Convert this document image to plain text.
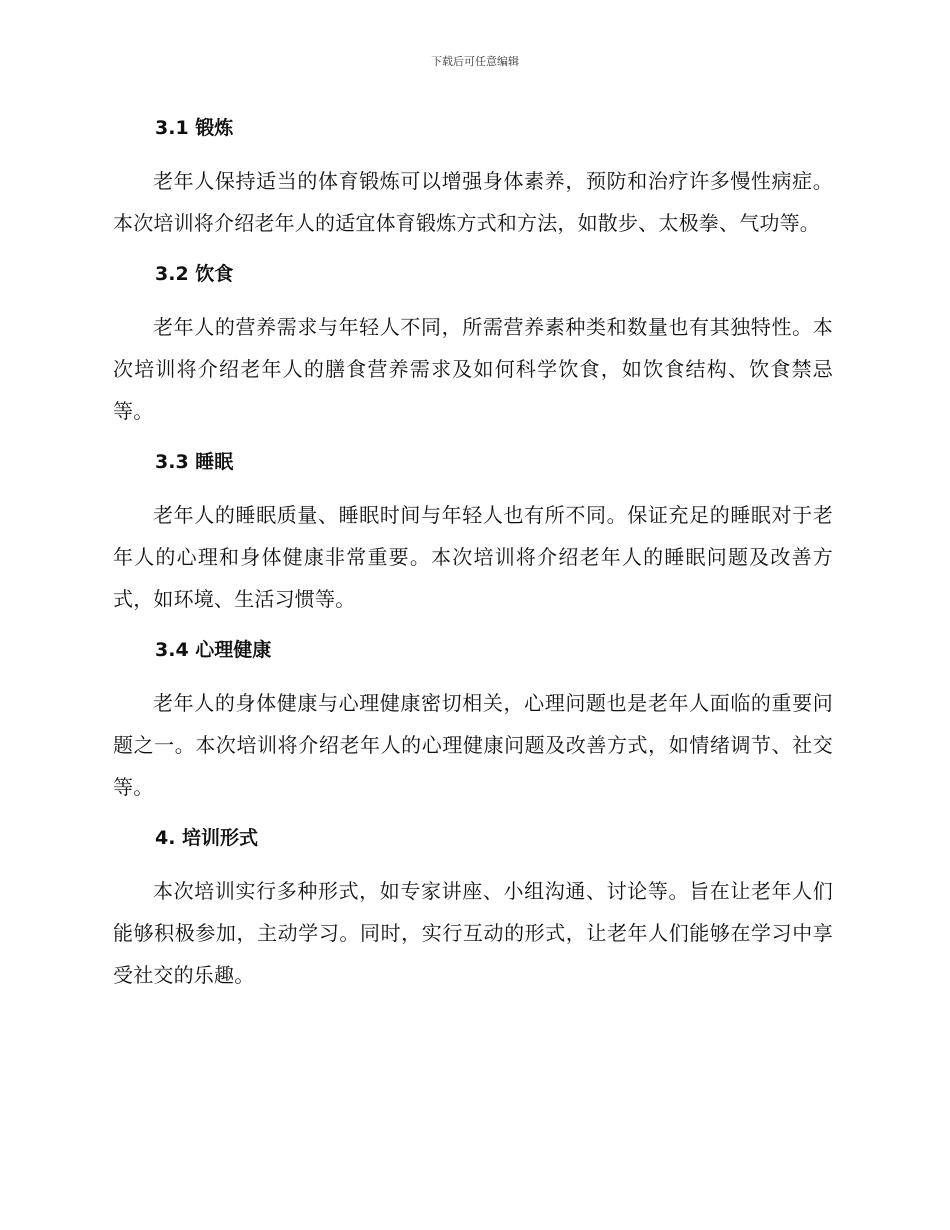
下载后可任意编辑
3.1 锻炼

老年人保持适当的体育锻炼可以增强身体素养，预防和治疗许多慢性病症。本次培训将介绍老年人的适宜体育锻炼方式和方法，如散步、太极拳、气功等。

3.2 饮食

老年人的营养需求与年轻人不同，所需营养素种类和数量也有其独特性。本次培训将介绍老年人的膳食营养需求及如何科学饮食，如饮食结构、饮食禁忌等。

3.3 睡眠

老年人的睡眠质量、睡眠时间与年轻人也有所不同。保证充足的睡眠对于老年人的心理和身体健康非常重要。本次培训将介绍老年人的睡眠问题及改善方式，如环境、生活习惯等。

3.4 心理健康

老年人的身体健康与心理健康密切相关，心理问题也是老年人面临的重要问题之一。本次培训将介绍老年人的心理健康问题及改善方式，如情绪调节、社交等。

4. 培训形式

本次培训实行多种形式，如专家讲座、小组沟通、讨论等。旨在让老年人们能够积极参加，主动学习。同时，实行互动的形式，让老年人们能够在学习中享受社交的乐趣。
